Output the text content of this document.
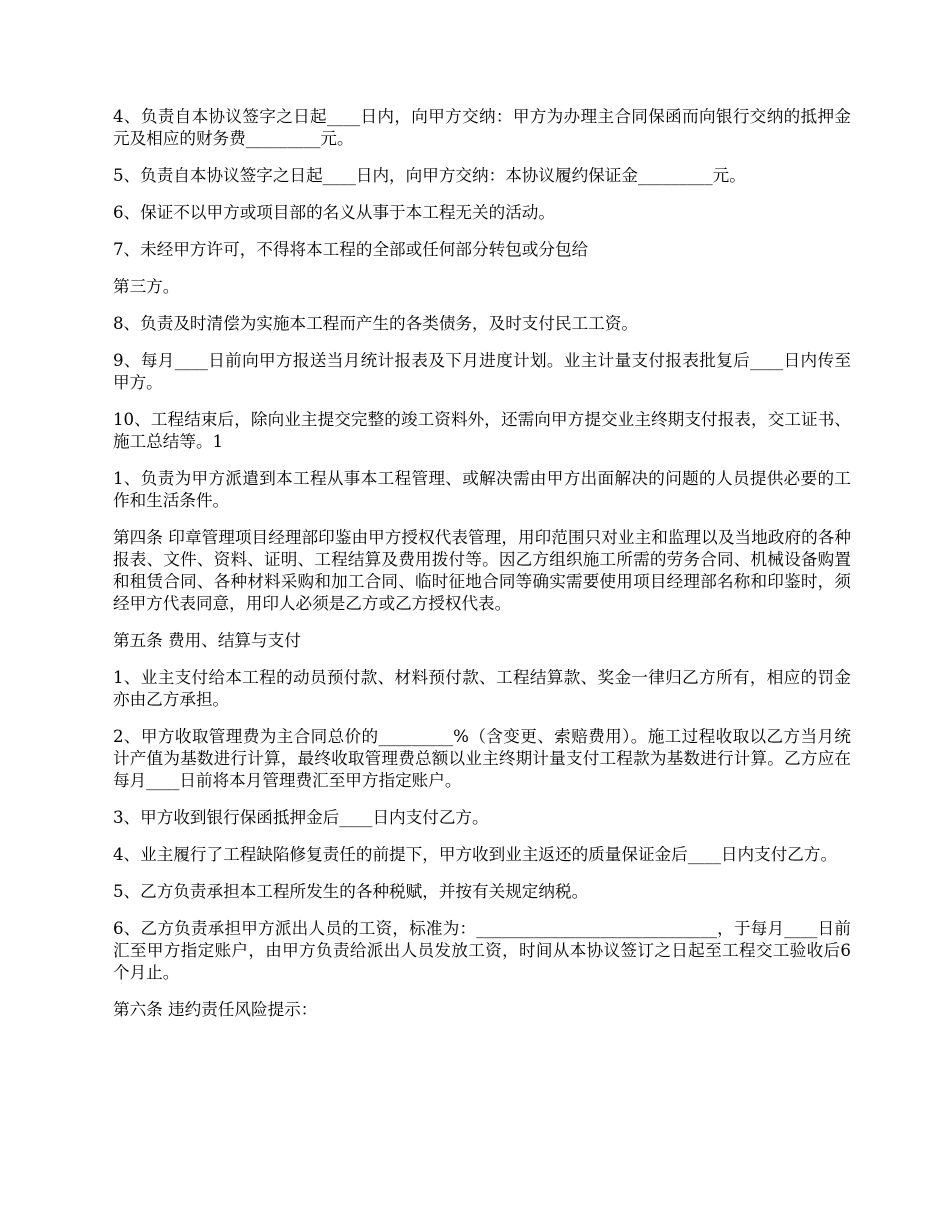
4、负责自本协议签字之日起____日内，向甲方交纳：甲方为办理主合同保函而向银行交纳的抵押金元及相应的财务费_________元。

5、负责自本协议签字之日起____日内，向甲方交纳：本协议履约保证金_________元。

6、保证不以甲方或项目部的名义从事于本工程无关的活动。

7、未经甲方许可，不得将本工程的全部或任何部分转包或分包给

第三方。

8、负责及时清偿为实施本工程而产生的各类债务，及时支付民工工资。

9、每月____日前向甲方报送当月统计报表及下月进度计划。业主计量支付报表批复后____日内传至甲方。

10、工程结束后，除向业主提交完整的竣工资料外，还需向甲方提交业主终期支付报表，交工证书、施工总结等。1

1、负责为甲方派遣到本工程从事本工程管理、或解决需由甲方出面解决的问题的人员提供必要的工作和生活条件。

第四条 印章管理项目经理部印鉴由甲方授权代表管理，用印范围只对业主和监理以及当地政府的各种报表、文件、资料、证明、工程结算及费用拨付等。因乙方组织施工所需的劳务合同、机械设备购置和租赁合同、各种材料采购和加工合同、临时征地合同等确实需要使用项目经理部名称和印鉴时，须经甲方代表同意，用印人必须是乙方或乙方授权代表。

第五条 费用、结算与支付

1、业主支付给本工程的动员预付款、材料预付款、工程结算款、奖金一律归乙方所有，相应的罚金亦由乙方承担。

2、甲方收取管理费为主合同总价的_________%（含变更、索赔费用）。施工过程收取以乙方当月统计产值为基数进行计算，最终收取管理费总额以业主终期计量支付工程款为基数进行计算。乙方应在每月____日前将本月管理费汇至甲方指定账户。

3、甲方收到银行保函抵押金后____日内支付乙方。

4、业主履行了工程缺陷修复责任的前提下，甲方收到业主返还的质量保证金后____日内支付乙方。

5、乙方负责承担本工程所发生的各种税赋，并按有关规定纳税。

6、乙方负责承担甲方派出人员的工资，标准为：_____________________________，于每月____日前汇至甲方指定账户，由甲方负责给派出人员发放工资，时间从本协议签订之日起至工程交工验收后6个月止。

第六条 违约责任风险提示：
